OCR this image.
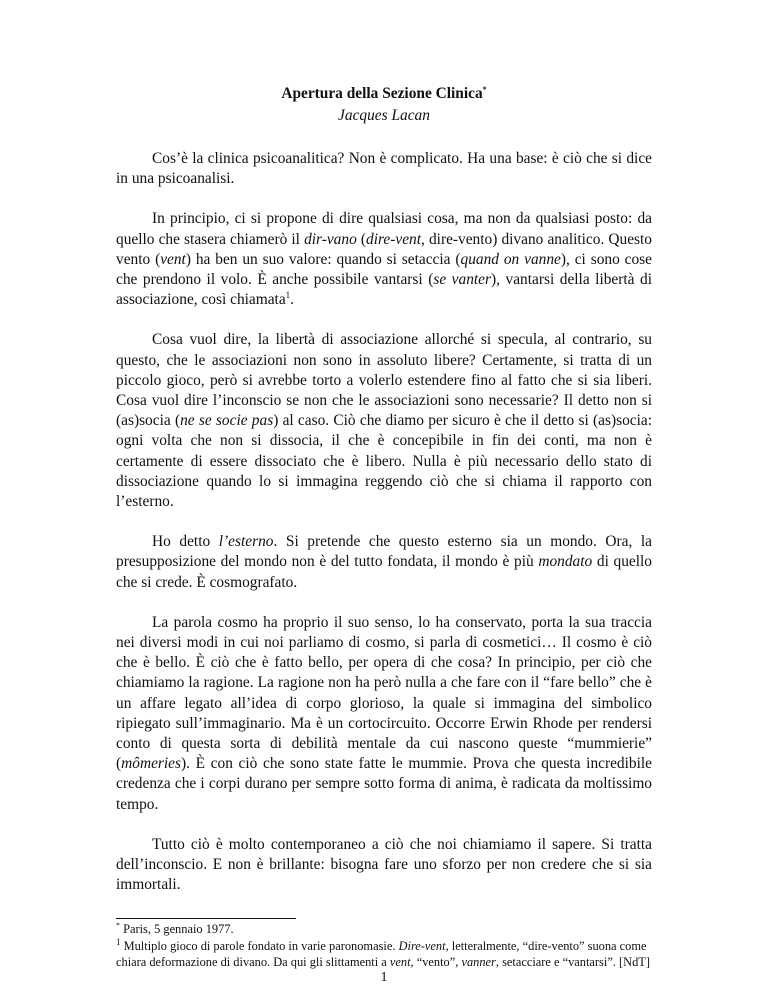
Apertura della Sezione Clinica*
Jacques Lacan

Cos’è la clinica psicoanalitica? Non è complicato. Ha una base: è ciò che si dice in una psicoanalisi.

In principio, ci si propone di dire qualsiasi cosa, ma non da qualsiasi posto: da quello che stasera chiamerò il dir-vano (dire-vent, dire-vento) divano analitico. Questo vento (vent) ha ben un suo valore: quando si setaccia (quand on vanne), ci sono cose che prendono il volo. È anche possibile vantarsi (se vanter), vantarsi della libertà di associazione, così chiamata$^1$.

Cosa vuol dire, la libertà di associazione allorché si specula, al contrario, su questo, che le associazioni non sono in assoluto libere? Certamente, si tratta di un piccolo gioco, però si avrebbe torto a volerlo estendere fino al fatto che si sia liberi. Cosa vuol dire l’inconscio se non che le associazioni sono necessarie? Il detto non si (as)socia (ne se socie pas) al caso. Ciò che diamo per sicuro è che il detto si (as)socia: ogni volta che non si dissocia, il che è concepibile in fin dei conti, ma non è certamente di essere dissociato che è libero. Nulla è più necessario dello stato di dissociazione quando lo si immagina reggendo ciò che si chiama il rapporto con l’esterno.

Ho detto l’esterno. Si pretende che questo esterno sia un mondo. Ora, la presupposizione del mondo non è del tutto fondata, il mondo è più mondato di quello che si crede. È cosmografato.

La parola cosmo ha proprio il suo senso, lo ha conservato, porta la sua traccia nei diversi modi in cui noi parliamo di cosmo, si parla di cosmetici… Il cosmo è ciò che è bello. È ciò che è fatto bello, per opera di che cosa? In principio, per ciò che chiamiamo la ragione. La ragione non ha però nulla a che fare con il “fare bello” che è un affare legato all’idea di corpo glorioso, la quale si immagina del simbolico ripiegato sull’immaginario. Ma è un cortocircuito. Occorre Erwin Rhode per rendersi conto di questa sorta di debilità mentale da cui nascono queste “mummierie” (mômeries). È con ciò che sono state fatte le mummie. Prova che questa incredibile credenza che i corpi durano per sempre sotto forma di anima, è radicata da moltissimo tempo.

Tutto ciò è molto contemporaneo a ciò che noi chiamiamo il sapere. Si tratta dell’inconscio. E non è brillante: bisogna fare uno sforzo per non credere che si sia immortali.

* Paris, 5 gennaio 1977.

$^1$ Multiplo gioco di parole fondato in varie paronomasie. Dire-vent, letteralmente, “dire-vento” suona come chiara deformazione di divano. Da qui gli slittamenti a vent, “vento”, vanner, setacciare e “vantarsi”. [NdT]

1
